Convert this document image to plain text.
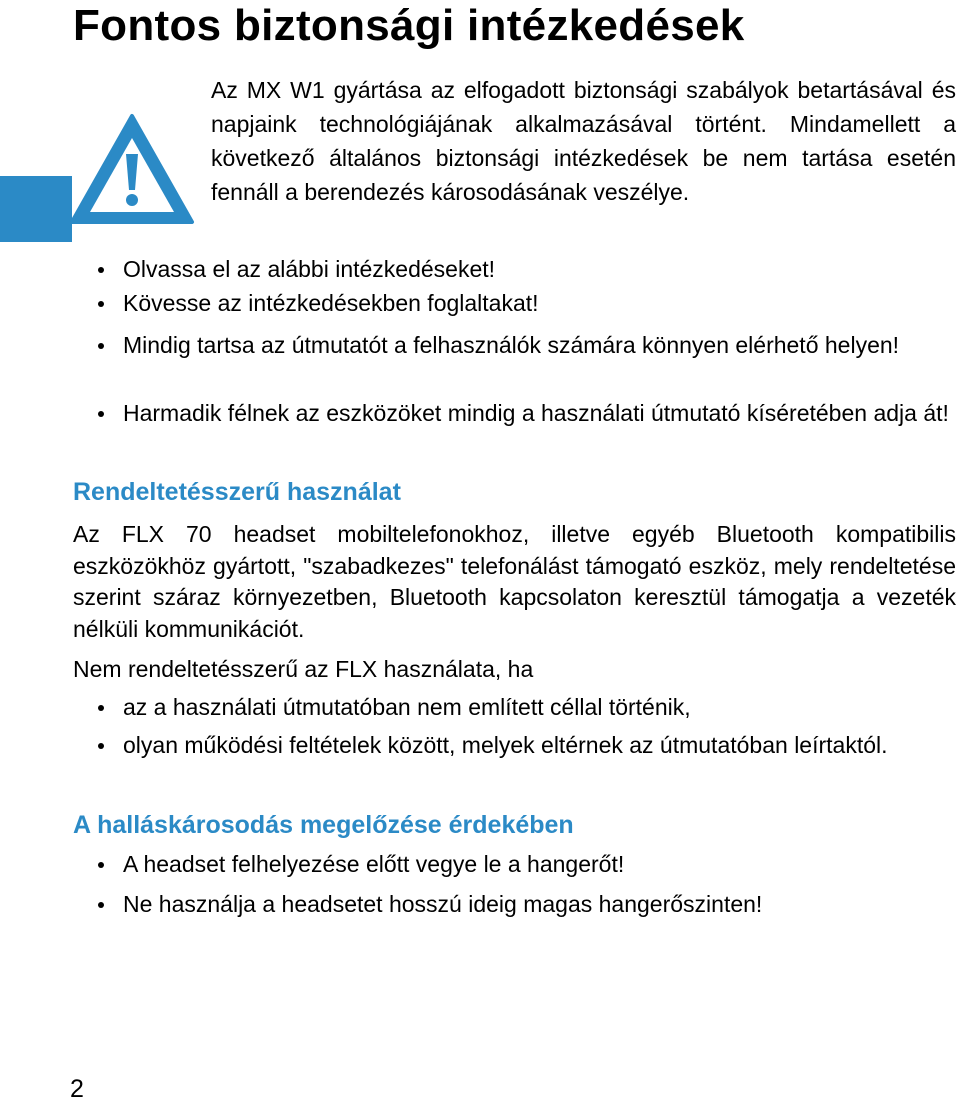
Fontos biztonsági intézkedések

Az MX W1 gyártása az elfogadott biztonsági szabályok betartásával és napjaink technológiájának alkalmazásával történt. Mindamellett a következő általános biztonsági intézkedések be nem tartása esetén fennáll a berendezés károsodásának veszélye.

Olvassa el az alábbi intézkedéseket!
Kövesse az intézkedésekben foglaltakat!
Mindig tartsa az útmutatót a felhasználók számára könnyen elérhető helyen!
Harmadik félnek az eszközöket mindig a használati útmutató kíséretében adja át!
Rendeltetésszerű használat

Az FLX 70 headset mobiltelefonokhoz, illetve egyéb Bluetooth kompatibilis eszközökhöz gyártott, "szabadkezes" telefonálást támogató eszköz, mely rendeltetése szerint száraz környezetben, Bluetooth kapcsolaton keresztül támogatja a vezeték nélküli kommunikációt.

Nem rendeltetésszerű az FLX használata, ha

az a használati útmutatóban nem említett céllal történik,
olyan működési feltételek között, melyek eltérnek az útmutatóban leírtaktól.
A halláskárosodás megelőzése érdekében
A headset felhelyezése előtt vegye le a hangerőt!
Ne használja a headsetet hosszú ideig magas hangerőszinten!
2
